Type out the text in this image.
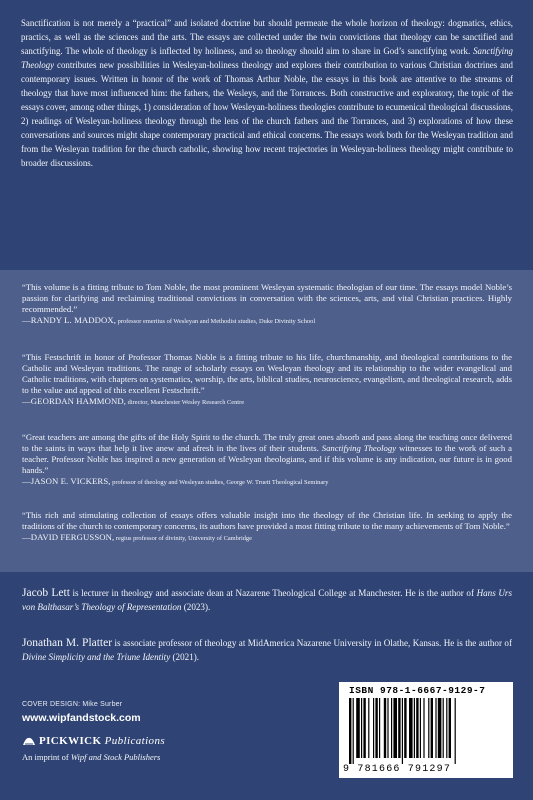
Sanctification is not merely a “practical” and isolated doctrine but should permeate the whole horizon of theology: dogmatics, ethics, practics, as well as the sciences and the arts. The essays are collected under the twin convictions that theology can be sanctified and sanctifying. The whole of theology is inflected by holiness, and so theology should aim to share in God’s sanctifying work. Sanctifying Theology contributes new possibilities in Wesleyan-holiness theology and explores their contribution to various Christian doctrines and contemporary issues. Written in honor of the work of Thomas Arthur Noble, the essays in this book are attentive to the streams of theology that have most influenced him: the fathers, the Wesleys, and the Torrances. Both constructive and exploratory, the topic of the essays cover, among other things, 1) consideration of how Wesleyan-holiness theologies contribute to ecumenical theological discussions, 2) readings of Wesleyan-holiness theology through the lens of the church fathers and the Torrances, and 3) explorations of how these conversations and sources might shape contemporary practical and ethical concerns. The essays work both for the Wesleyan tradition and from the Wesleyan tradition for the church catholic, showing how recent trajectories in Wesleyan-holiness theology might contribute to broader discussions.
“This volume is a fitting tribute to Tom Noble, the most prominent Wesleyan systematic theologian of our time. The essays model Noble’s passion for clarifying and reclaiming traditional convictions in conversation with the sciences, arts, and vital Christian practices. Highly recommended.”
—RANDY L. MADDOX, professor emeritus of Wesleyan and Methodist studies, Duke Divinity School
“This Festschrift in honor of Professor Thomas Noble is a fitting tribute to his life, churchmanship, and theological contributions to the Catholic and Wesleyan traditions. The range of scholarly essays on Wesleyan theology and its relationship to the wider evangelical and Catholic traditions, with chapters on systematics, worship, the arts, biblical studies, neuroscience, evangelism, and theological research, adds to the value and appeal of this excellent Festschrift.”
—GEORDAN HAMMOND, director, Manchester Wesley Research Centre
“Great teachers are among the gifts of the Holy Spirit to the church. The truly great ones absorb and pass along the teaching once delivered to the saints in ways that help it live anew and afresh in the lives of their students. Sanctifying Theology witnesses to the work of such a teacher. Professor Noble has inspired a new generation of Wesleyan theologians, and if this volume is any indication, our future is in good hands.”
—JASON E. VICKERS, professor of theology and Wesleyan studies, George W. Truett Theological Seminary
“This rich and stimulating collection of essays offers valuable insight into the theology of the Christian life. In seeking to apply the traditions of the church to contemporary concerns, its authors have provided a most fitting tribute to the many achievements of Tom Noble.”
—DAVID FERGUSSON, regius professor of divinity, University of Cambridge
Jacob Lett is lecturer in theology and associate dean at Nazarene Theological College at Manchester. He is the author of Hans Urs von Balthasar’s Theology of Representation (2023).
Jonathan M. Platter is associate professor of theology at MidAmerica Nazarene University in Olathe, Kansas. He is the author of Divine Simplicity and the Triune Identity (2021).
COVER DESIGN: Mike Surber
www.wipfandstock.com
PICKWICK Publications
An imprint of Wipf and Stock Publishers
ISBN 978-1-6667-9129-7
9 781666 791297
